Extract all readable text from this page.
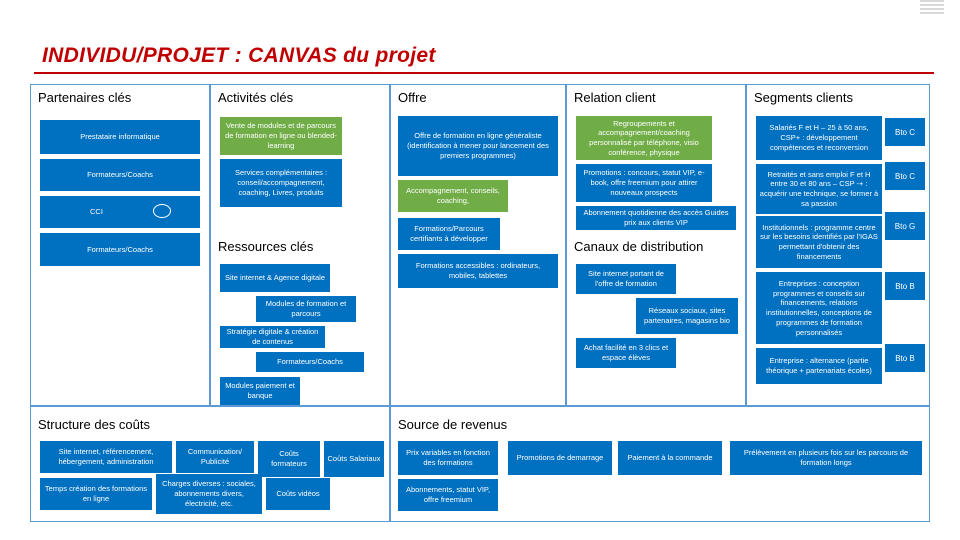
INDIVIDU/PROJET : CANVAS du projet
Partenaires clés	Activités clés	Offre	Relation client	Segments clients
Ressources clés	Canaux de distribution
Structure des coûts	Source de revenus
Prestataire informatique
Formateurs/Coachs
CCI
Formateurs/Coachs
Vente de modules et de parcours de formation en ligne ou blended-learning
Services complémentaires : conseil/accompagnement, coaching, Livres, produits
Site internet & Agence digitale
Modules de formation et parcours
Stratégie digitale & création de contenus
Formateurs/Coachs
Modules paiement et banque
Offre de formation en ligne généraliste (identification à mener pour lancement des premiers programmes)
Accompagnement, conseils, coaching,
Formations/Parcours certifiants à développer
Formations accessibles : ordinateurs, mobiles, tablettes
Regroupements et accompagnement/coaching personnalisé par téléphone, visio conférence, physique
Promotions : concours, statut VIP, e-book, offre freemium pour attirer nouveaux prospects
Abonnement quotidienne des accès Guides prix aux clients VIP
Site internet portant de l'offre de formation
Réseaux sociaux, sites partenaires, magasins bio
Achat facilité en 3 clics et espace élèves
Salariés F et H – 25 à 50 ans, CSP+ : développement compétences et reconversion
Bto C
Retraités et sans emploi F et H entre 30 et 80 ans – CSP -+ : acquérir une technique, se former à sa passion
Bto C
Institutionnels : programme centre sur les besoins identifiés par l'IGAS permettant d'obtenir des financements
Bto G
Entreprises : conception programmes et conseils sur financements, relations institutionnelles, conceptions de programmes de formation personnalisés
Bto B
Entreprise : alternance (partie théorique + partenariats écoles)
Bto B
Site internet, référencement, hébergement, administration
Communication/ Publicité
Coûts formateurs
Coûts Salariaux
Temps création des formations en ligne
Charges diverses : sociales, abonnements divers, électricité, etc.
Coûts vidéos
Prix variables en fonction des formations
Promotions de demarrage	Paiement à la commande
Prélèvement en plusieurs fois sur les parcours de formation longs
Abonnements, statut VIP, offre freemium
